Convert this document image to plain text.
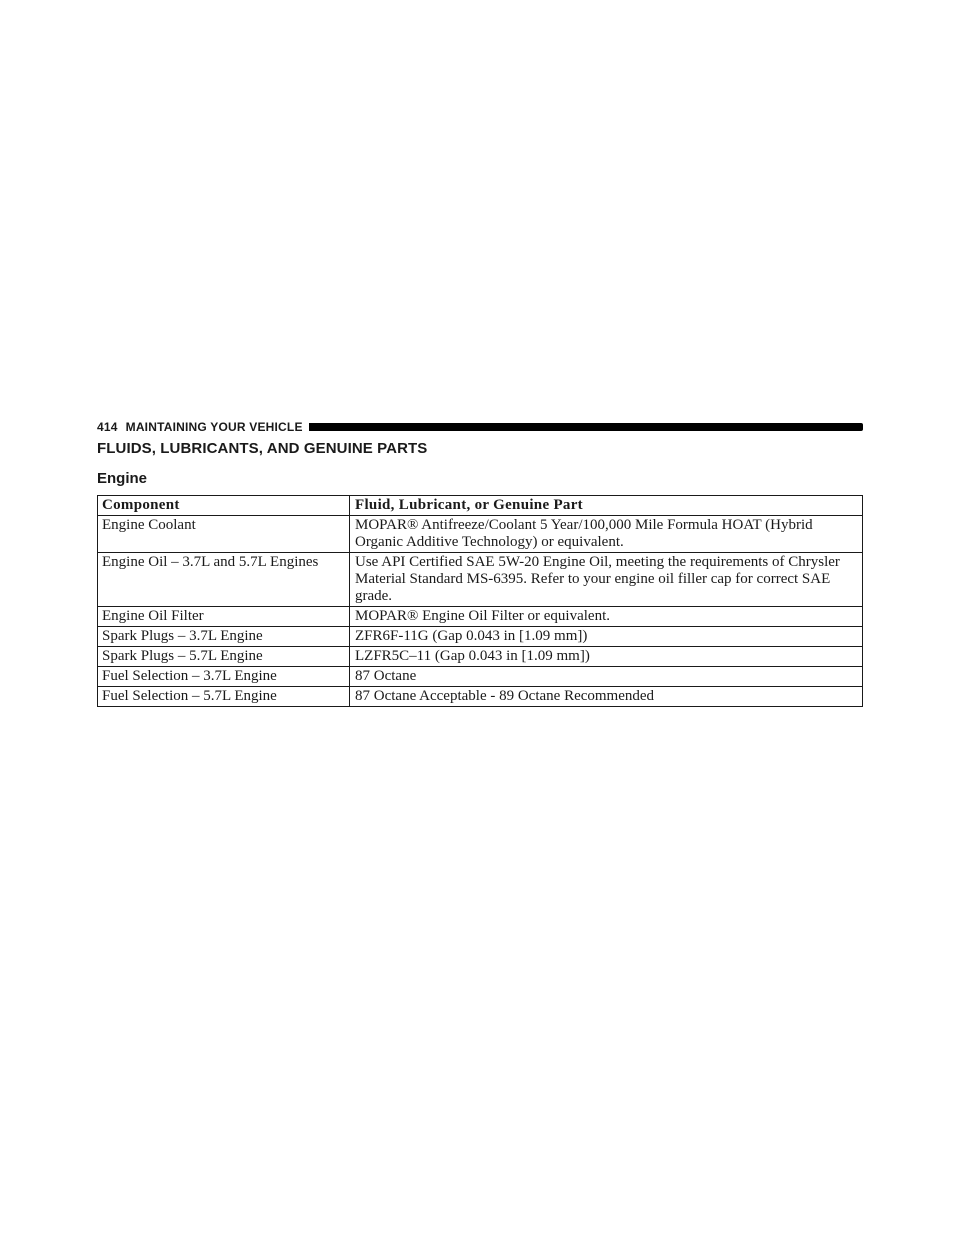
414 MAINTAINING YOUR VEHICLE
FLUIDS, LUBRICANTS, AND GENUINE PARTS
Engine
Component	Fluid, Lubricant, or Genuine Part
Engine Coolant	MOPAR® Antifreeze/Coolant 5 Year/100,000 Mile Formula HOAT (Hybrid Organic Additive Technology) or equivalent.
Engine Oil – 3.7L and 5.7L Engines	Use API Certified SAE 5W-20 Engine Oil, meeting the requirements of Chrysler Material Standard MS-6395. Refer to your engine oil filler cap for correct SAE grade.
Engine Oil Filter	MOPAR® Engine Oil Filter or equivalent.
Spark Plugs – 3.7L Engine	ZFR6F-11G (Gap 0.043 in [1.09 mm])
Spark Plugs – 5.7L Engine	LZFR5C–11 (Gap 0.043 in [1.09 mm])
Fuel Selection – 3.7L Engine	87 Octane
Fuel Selection – 5.7L Engine	87 Octane Acceptable - 89 Octane Recommended
